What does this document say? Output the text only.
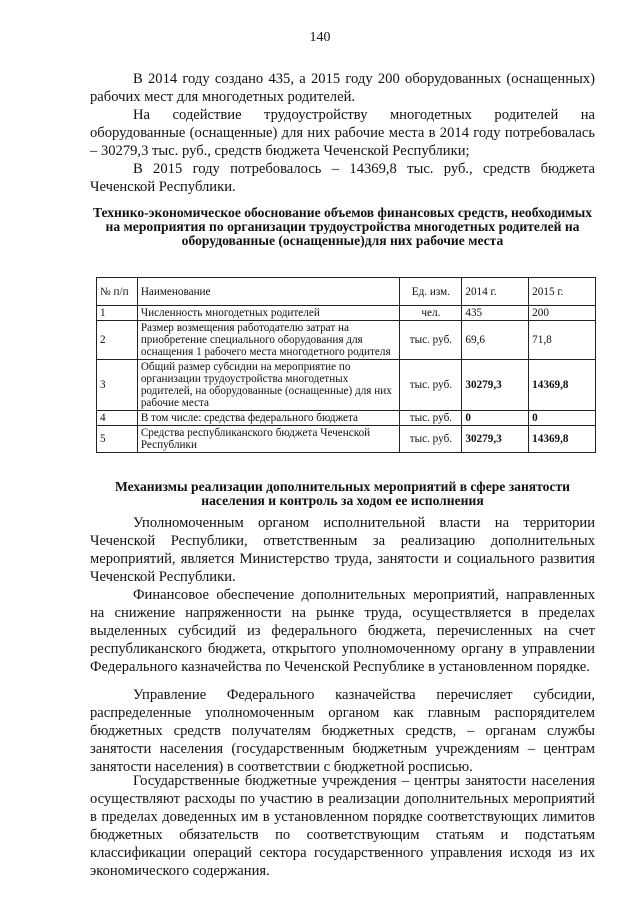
140

В 2014 году создано 435, а 2015 году 200 оборудованных (оснащенных) рабочих мест для многодетных родителей.

На содействие трудоустройству многодетных родителей на оборудованные (оснащенные) для них рабочие места в 2014 году потребовалась – 30279,3 тыс. руб., средств бюджета Чеченской Республики;

В 2015 году потребовалось – 14369,8 тыс. руб., средств бюджета Чеченской Республики.

Технико-экономическое обоснование объемов финансовых средств, необходимых на мероприятия по организации трудоустройства многодетных родителей на оборудованные (оснащенные)для них рабочие места
№ п/п	Наименование	Ед. изм.	2014 г.	2015 г.
1	Численность многодетных родителей	чел.	435	200
2	Размер возмещения работодателю затрат на приобретение специального оборудования для оснащения 1 рабочего места многодетного родителя	тыс. руб.	69,6	71,8
3	Общий размер субсидии на мероприятие по организации трудоустройства многодетных родителей, на оборудованные (оснащенные) для них рабочие места	тыс. руб.	30279,3	14369,8
4	В том числе: средства федерального бюджета	тыс. руб.	0	0
5	Средства республиканского бюджета Чеченской Республики	тыс. руб.	30279,3	14369,8
Механизмы реализации дополнительных мероприятий в сфере занятости населения и контроль за ходом ее исполнения

Уполномоченным органом исполнительной власти на территории Чеченской Республики, ответственным за реализацию дополнительных мероприятий, является Министерство труда, занятости и социального развития Чеченской Республики.

Финансовое обеспечение дополнительных мероприятий, направленных на снижение напряженности на рынке труда, осуществляется в пределах выделенных субсидий из федерального бюджета, перечисленных на счет республиканского бюджета, открытого уполномоченному органу в управлении Федерального казначейства по Чеченской Республике в установленном порядке.

Управление Федерального казначейства перечисляет субсидии, распределенные уполномоченным органом как главным распорядителем бюджетных средств получателям бюджетных средств, – органам службы занятости населения (государственным бюджетным учреждениям – центрам занятости населения) в соответствии с бюджетной росписью.

Государственные бюджетные учреждения – центры занятости населения осуществляют расходы по участию в реализации дополнительных мероприятий в пределах доведенных им в установленном порядке соответствующих лимитов бюджетных обязательств по соответствующим статьям и подстатьям классификации операций сектора государственного управления исходя из их экономического содержания.
